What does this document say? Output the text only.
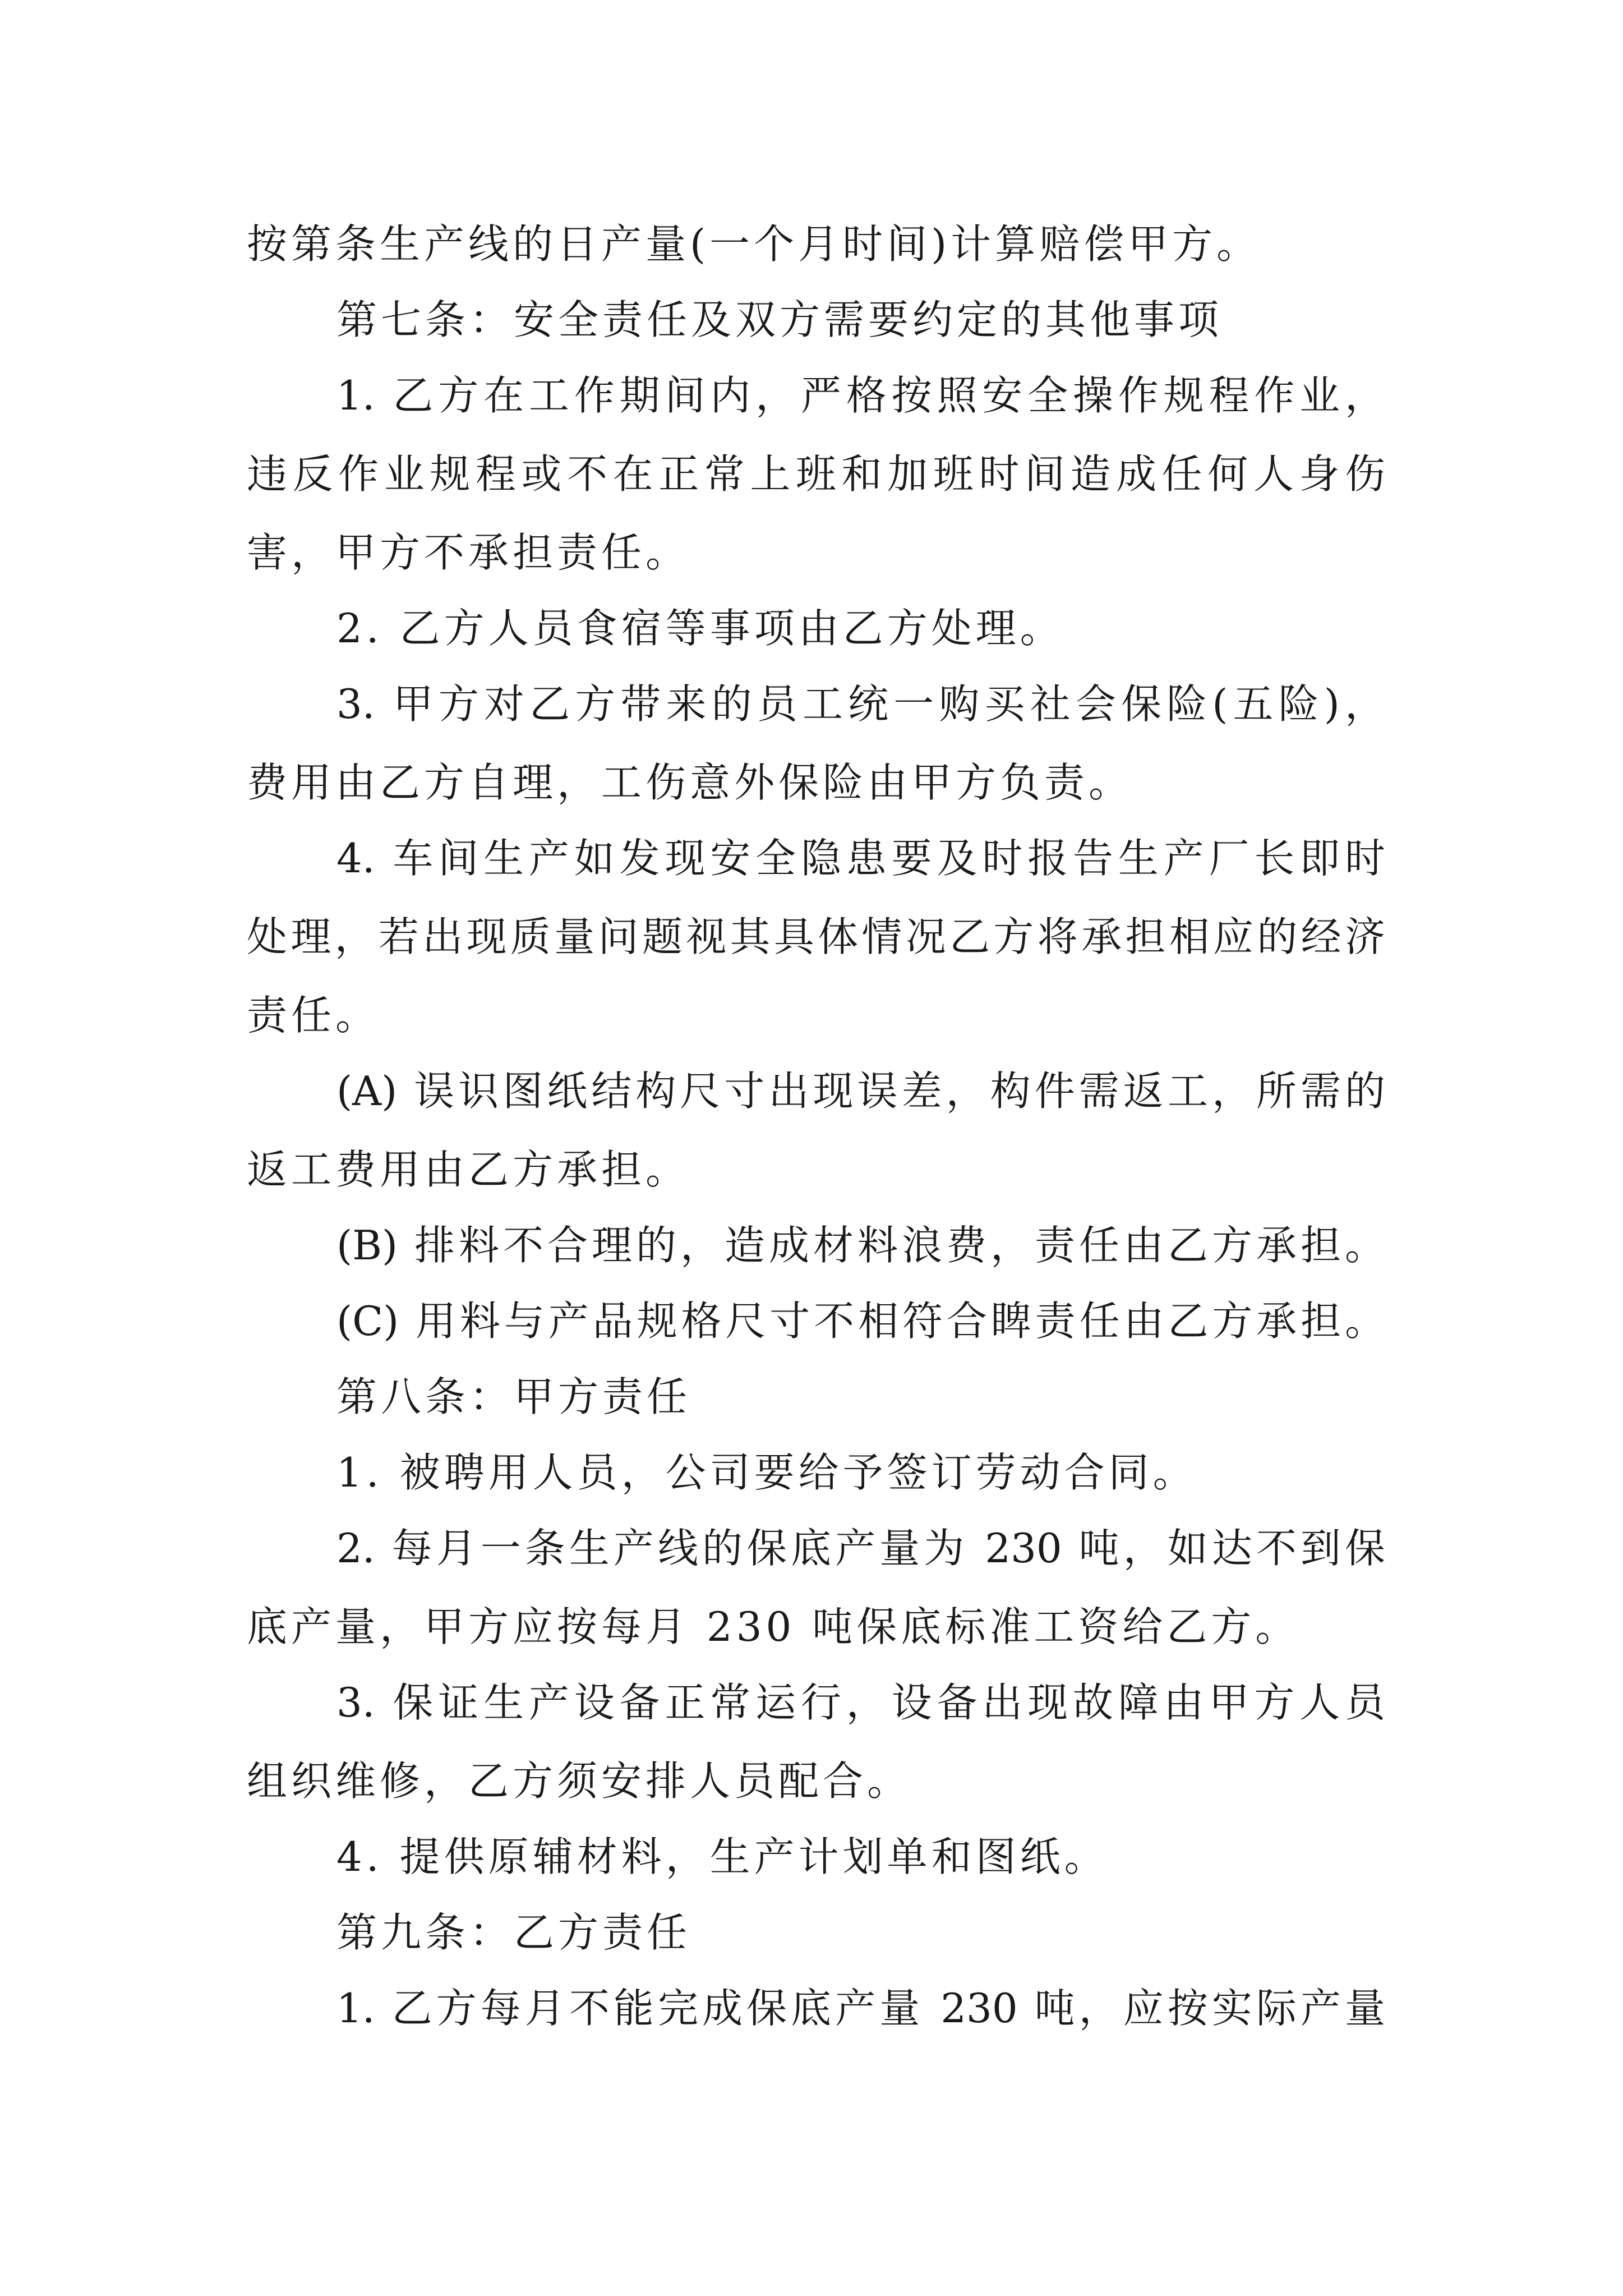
按第条生产线的日产量(一个月时间)计算赔偿甲方。
第七条：安全责任及双方需要约定的其他事项
1. 乙方在工作期间内，严格按照安全操作规程作业，
违反作业规程或不在正常上班和加班时间造成任何人身伤
害，甲方不承担责任。
2. 乙方人员食宿等事项由乙方处理。
3. 甲方对乙方带来的员工统一购买社会保险(五险)，
费用由乙方自理，工伤意外保险由甲方负责。
4. 车间生产如发现安全隐患要及时报告生产厂长即时
处理，若出现质量问题视其具体情况乙方将承担相应的经济
责任。
(A) 误识图纸结构尺寸出现误差，构件需返工，所需的
返工费用由乙方承担。
(B) 排料不合理的，造成材料浪费，责任由乙方承担。
(C) 用料与产品规格尺寸不相符合睥责任由乙方承担。
第八条：甲方责任
1. 被聘用人员，公司要给予签订劳动合同。
2. 每月一条生产线的保底产量为 230 吨，如达不到保
底产量，甲方应按每月 230 吨保底标准工资给乙方。
3. 保证生产设备正常运行，设备出现故障由甲方人员
组织维修，乙方须安排人员配合。
4. 提供原辅材料，生产计划单和图纸。
第九条：乙方责任
1. 乙方每月不能完成保底产量 230 吨，应按实际产量
